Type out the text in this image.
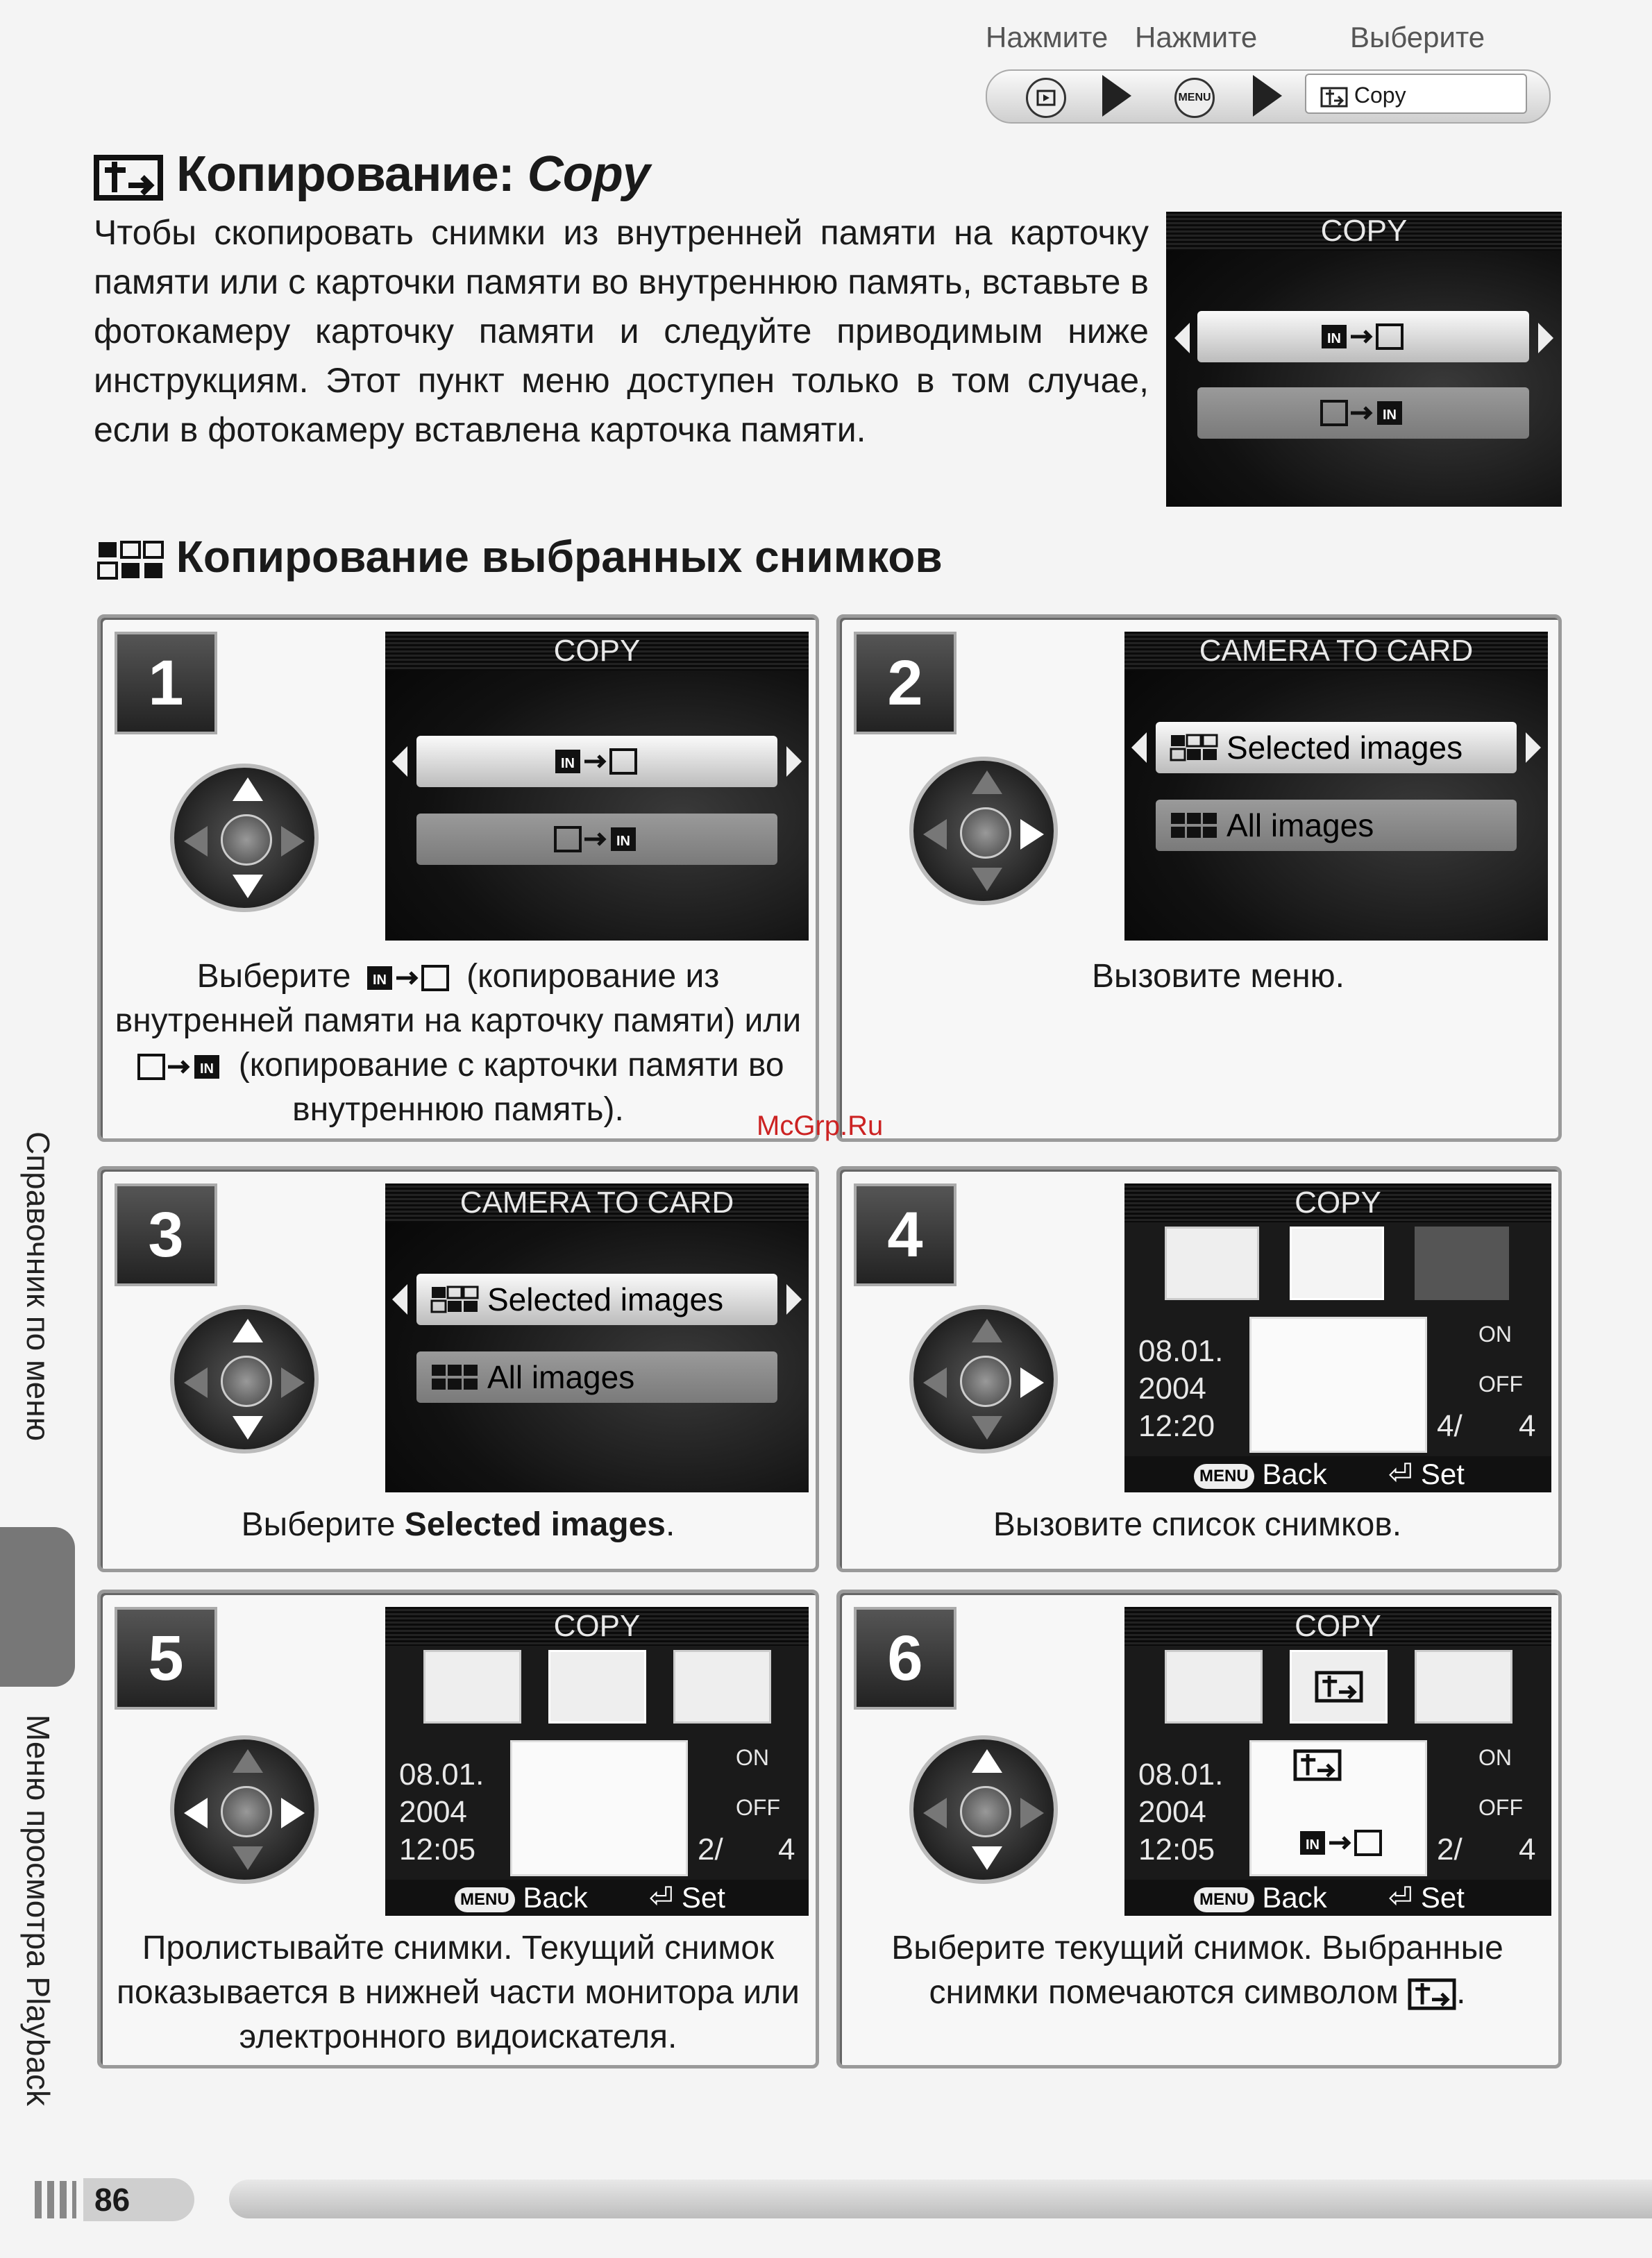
Нажмите Нажмите	Выберите
MENU	Copy
Копирование: Copy
Чтобы скопировать снимки из внутренней памяти на карточку памяти или с карточки памяти во внутреннюю память, вставьте в фотокамеру карточку памяти и следуйте приводимым ниже инструкциям. Этот пункт меню доступен только в том случае, если в фотокамеру вставлена карточка памяти.
COPY
IN
IN
Копирование выбранных снимков
1	COPY
IN
IN
Выберите IN (копирование из внутренней памяти на карточку памяти) или
IN (копирование с карточки памяти во внутреннюю память).
2	CAMERA TO CARD
Selected images
All images
Вызовите меню.
3	CAMERA TO CARD
Selected images
All images
Выберите Selected images.
4	COPY
08.01.
2004
12:20
ON
OFF
4/ 4
MENU Back ⏎ Set
Вызовите список снимков.
5	COPY
08.01.
2004
12:05
ON
OFF
2/ 4
MENU Back ⏎ Set
Пролистывайте снимки. Текущий снимок показывается в нижней части монитора или электронного видоискателя.
6	COPY
08.01.
2004
12:05	IN
ON
OFF
2/ 4
MENU Back ⏎ Set
Выберите текущий снимок. Выбранные снимки помечаются символом .
Справочник по меню
Меню просмотра Playback
McGrp.Ru
86
